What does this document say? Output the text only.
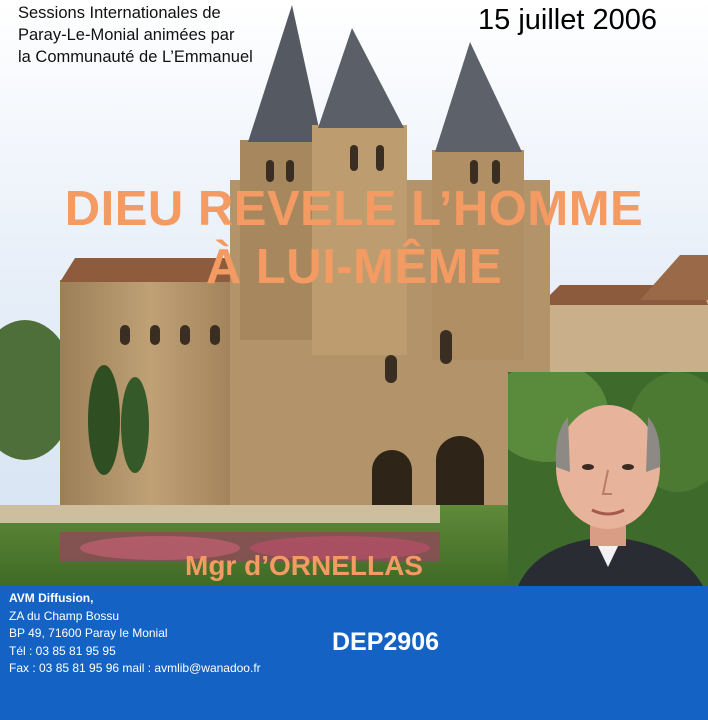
Sessions Internationales de
Paray-Le-Monial animées par
la Communauté de L’Emmanuel
15 juillet 2006
DIEU REVELE L’HOMME
À LUI-MÊME
Mgr d’ORNELLAS
AVM Diffusion,
ZA du Champ Bossu
BP 49, 71600 Paray le Monial
Tél : 03 85 81 95 95
Fax : 03 85 81 95 96 mail : avmlib@wanadoo.fr
DEP2906
